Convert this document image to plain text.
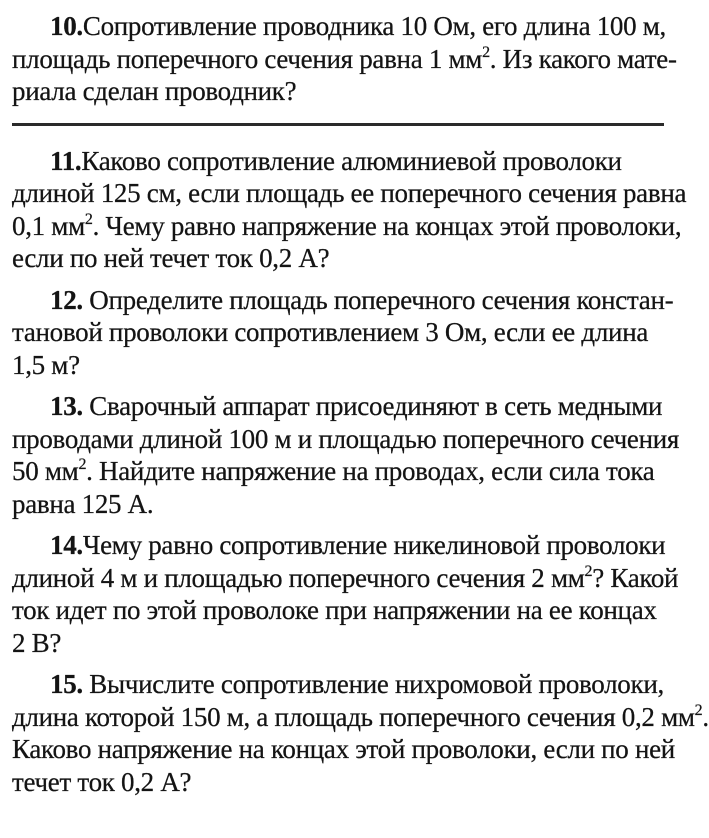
10.Сопротивление проводника 10 Ом, его длина 100 м,
площадь поперечного сечения равна 1 $мм^2$. Из какого мате-
риала сделан проводник?
11.Каково сопротивление алюминиевой проволоки
длиной 125 см, если площадь ее поперечного сечения равна
0,1 $мм^2$. Чему равно напряжение на концах этой проволоки,
если по ней течет ток 0,2 А?
12. Определите площадь поперечного сечения констан-
тановой проволоки сопротивлением 3 Ом, если ее длина
1,5 м?
13. Сварочный аппарат присоединяют в сеть медными
проводами длиной 100 м и площадью поперечного сечения
50 $мм^2$. Найдите напряжение на проводах, если сила тока
равна 125 А.
14.Чему равно сопротивление никелиновой проволоки
длиной 4 м и площадью поперечного сечения 2 $мм^2$? Какой
ток идет по этой проволоке при напряжении на ее концах
2 В?
15. Вычислите сопротивление нихромовой проволоки,
длина которой 150 м, а площадь поперечного сечения 0,2 $мм^2$.
Каково напряжение на концах этой проволоки, если по ней
течет ток 0,2 А?
